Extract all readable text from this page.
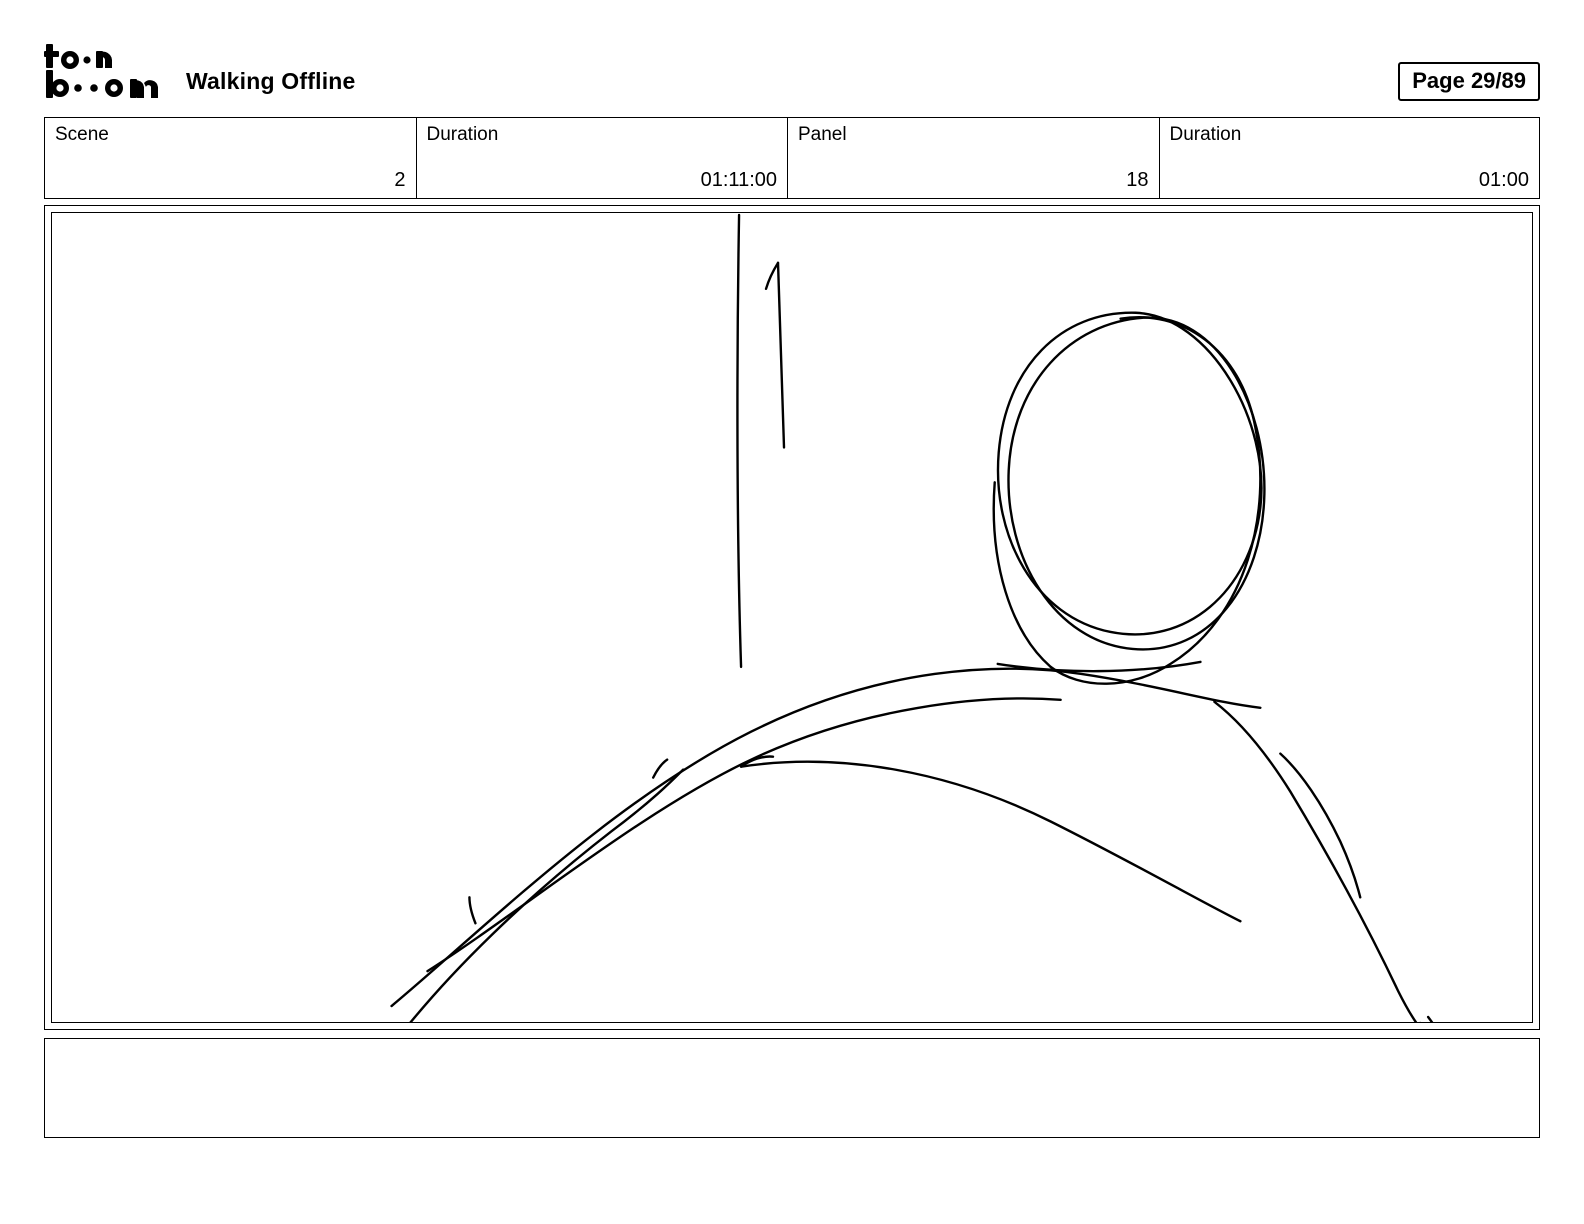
Walking Offline	Page 29/89
Scene
2
Duration
01:11:00
Panel
18
Duration
01:00
